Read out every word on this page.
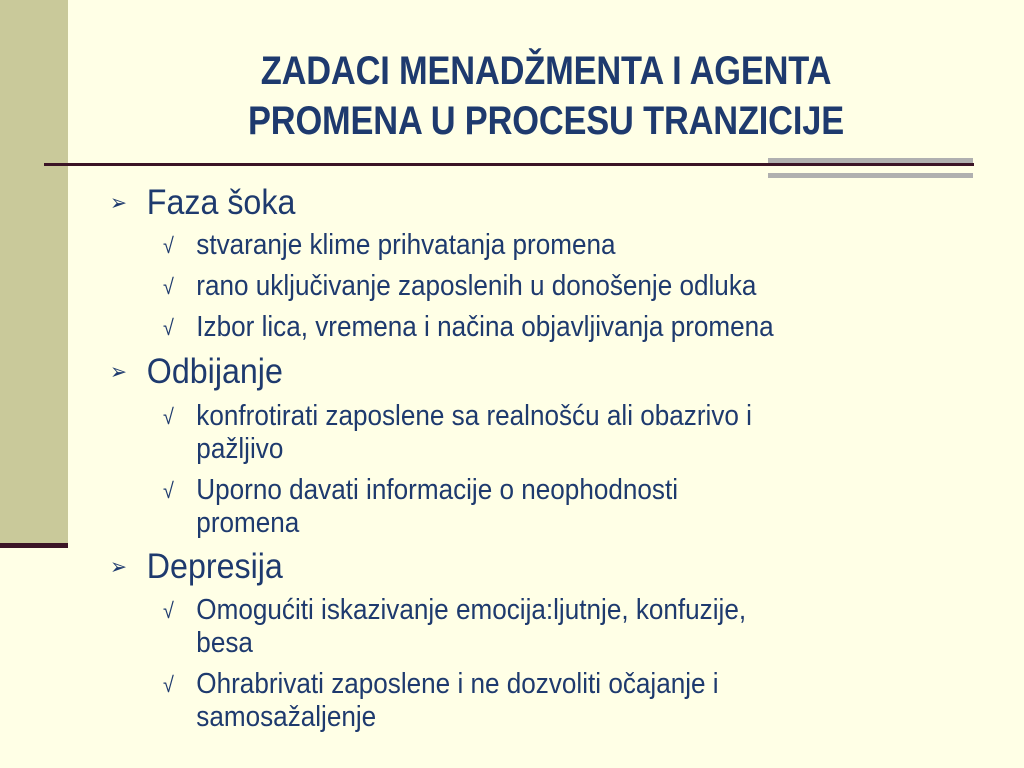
ZADACI MENADŽMENTA I AGENTA
PROMENA U PROCESU TRANZICIJE
➢ Faza šoka
√ stvaranje klime prihvatanja promena
√ rano uključivanje zaposlenih u donošenje odluka
√ Izbor lica, vremena i načina objavljivanja promena
➢ Odbijanje
√ konfrotirati zaposlene sa realnošću ali obazrivo i
pažljivo
√ Uporno davati informacije o neophodnosti
promena
➢ Depresija
√ Omogućiti iskazivanje emocija:ljutnje, konfuzije,
besa
√ Ohrabrivati zaposlene i ne dozvoliti očajanje i
samosažaljenje
